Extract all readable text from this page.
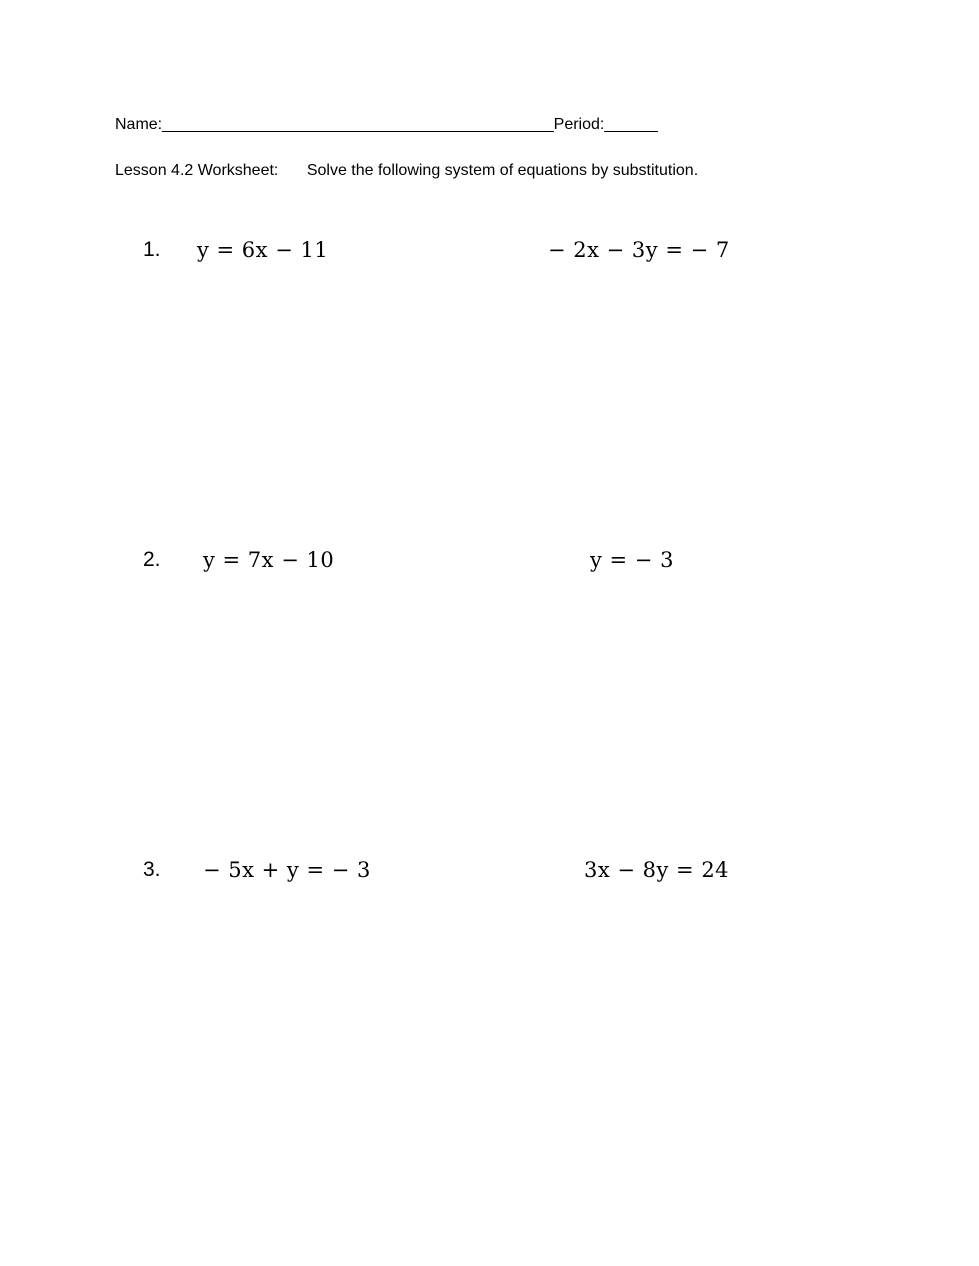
Name:____________________________________________Period:______
Lesson 4.2 Worksheet: Solve the following system of equations by substitution.
1. y = 6x − 11	− 2x − 3y = − 7
2. y = 7x − 10	y = − 3
3. − 5x + y = − 3	3x − 8y = 24
